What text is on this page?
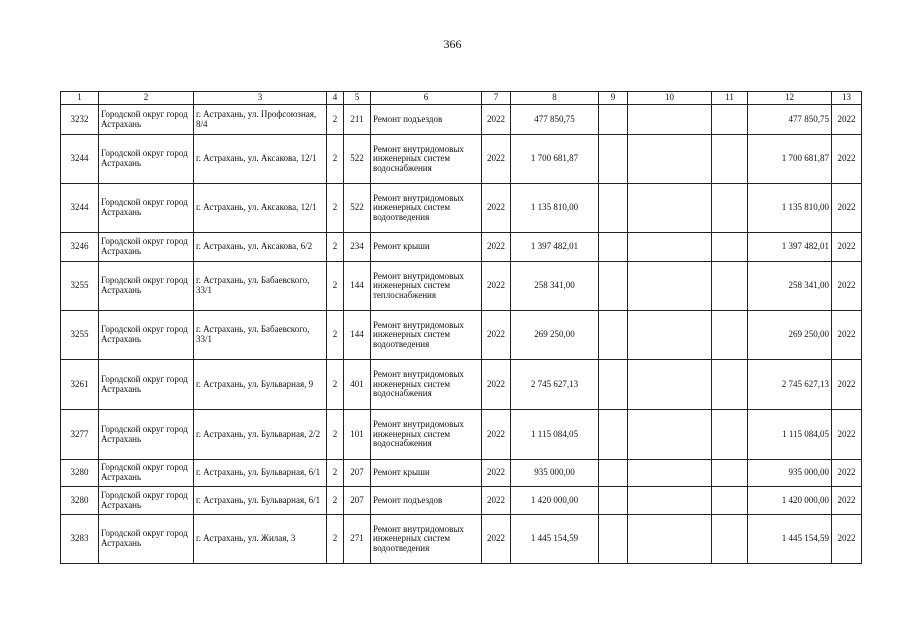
366
1	2	3	4	5	6	7	8	9	10	11	12	13
3232	Городской округ город Астрахань	г. Астрахань, ул. Профсоюзная, 8/4	2	211	Ремонт подъездов	2022	477 850,75				477 850,75	2022
3244	Городской округ город Астрахань	г. Астрахань, ул. Аксакова, 12/1	2	522	Ремонт внутридомовых инженерных систем водоснабжения	2022	1 700 681,87				1 700 681,87	2022
3244	Городской округ город Астрахань	г. Астрахань, ул. Аксакова, 12/1	2	522	Ремонт внутридомовых инженерных систем водоотведения	2022	1 135 810,00				1 135 810,00	2022
3246	Городской округ город Астрахань	г. Астрахань, ул. Аксакова, 6/2	2	234	Ремонт крыши	2022	1 397 482,01				1 397 482,01	2022
3255	Городской округ город Астрахань	г. Астрахань, ул. Бабаевского, 33/1	2	144	Ремонт внутридомовых инженерных систем теплоснабжения	2022	258 341,00				258 341,00	2022
3255	Городской округ город Астрахань	г. Астрахань, ул. Бабаевского, 33/1	2	144	Ремонт внутридомовых инженерных систем водоотведения	2022	269 250,00				269 250,00	2022
3261	Городской округ город Астрахань	г. Астрахань, ул. Бульварная, 9	2	401	Ремонт внутридомовых инженерных систем водоснабжения	2022	2 745 627,13				2 745 627,13	2022
3277	Городской округ город Астрахань	г. Астрахань, ул. Бульварная, 2/2	2	101	Ремонт внутридомовых инженерных систем водоснабжения	2022	1 115 084,05				1 115 084,05	2022
3280	Городской округ город Астрахань	г. Астрахань, ул. Бульварная, 6/1	2	207	Ремонт крыши	2022	935 000,00				935 000,00	2022
3280	Городской округ город Астрахань	г. Астрахань, ул. Бульварная, 6/1	2	207	Ремонт подъездов	2022	1 420 000,00				1 420 000,00	2022
3283	Городской округ город Астрахань	г. Астрахань, ул. Жилая, 3	2	271	Ремонт внутридомовых инженерных систем водоотведения	2022	1 445 154,59				1 445 154,59	2022
